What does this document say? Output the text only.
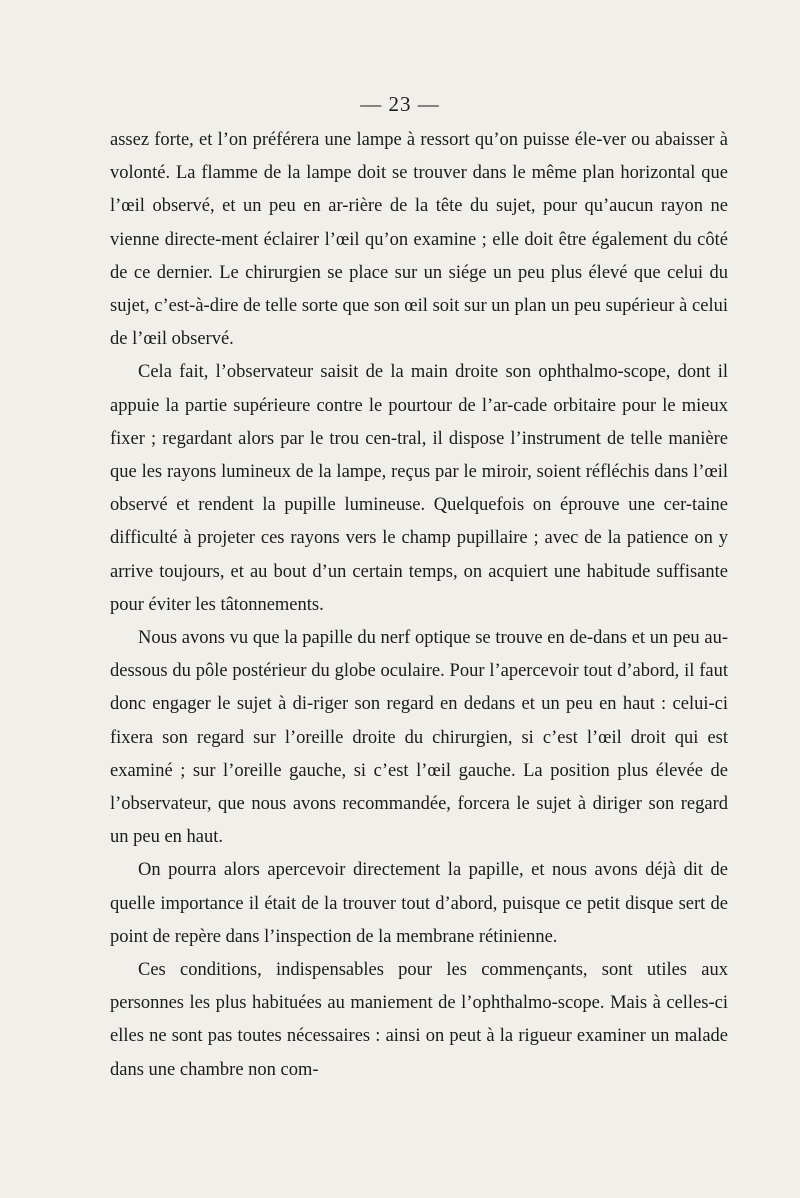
— 23 —

assez forte, et l’on préférera une lampe à ressort qu’on puisse éle-ver ou abaisser à volonté. La flamme de la lampe doit se trouver dans le même plan horizontal que l’œil observé, et un peu en ar-rière de la tête du sujet, pour qu’aucun rayon ne vienne directe-ment éclairer l’œil qu’on examine ; elle doit être également du côté de ce dernier. Le chirurgien se place sur un siége un peu plus élevé que celui du sujet, c’est-à-dire de telle sorte que son œil soit sur un plan un peu supérieur à celui de l’œil observé.

Cela fait, l’observateur saisit de la main droite son ophthalmo-scope, dont il appuie la partie supérieure contre le pourtour de l’ar-cade orbitaire pour le mieux fixer ; regardant alors par le trou cen-tral, il dispose l’instrument de telle manière que les rayons lumineux de la lampe, reçus par le miroir, soient réfléchis dans l’œil observé et rendent la pupille lumineuse. Quelquefois on éprouve une cer-taine difficulté à projeter ces rayons vers le champ pupillaire ; avec de la patience on y arrive toujours, et au bout d’un certain temps, on acquiert une habitude suffisante pour éviter les tâtonnements.

Nous avons vu que la papille du nerf optique se trouve en de-dans et un peu au-dessous du pôle postérieur du globe oculaire. Pour l’apercevoir tout d’abord, il faut donc engager le sujet à di-riger son regard en dedans et un peu en haut : celui-ci fixera son regard sur l’oreille droite du chirurgien, si c’est l’œil droit qui est examiné ; sur l’oreille gauche, si c’est l’œil gauche. La position plus élevée de l’observateur, que nous avons recommandée, forcera le sujet à diriger son regard un peu en haut.

On pourra alors apercevoir directement la papille, et nous avons déjà dit de quelle importance il était de la trouver tout d’abord, puisque ce petit disque sert de point de repère dans l’inspection de la membrane rétinienne.

Ces conditions, indispensables pour les commençants, sont utiles aux personnes les plus habituées au maniement de l’ophthalmo-scope. Mais à celles-ci elles ne sont pas toutes nécessaires : ainsi on peut à la rigueur examiner un malade dans une chambre non com-
